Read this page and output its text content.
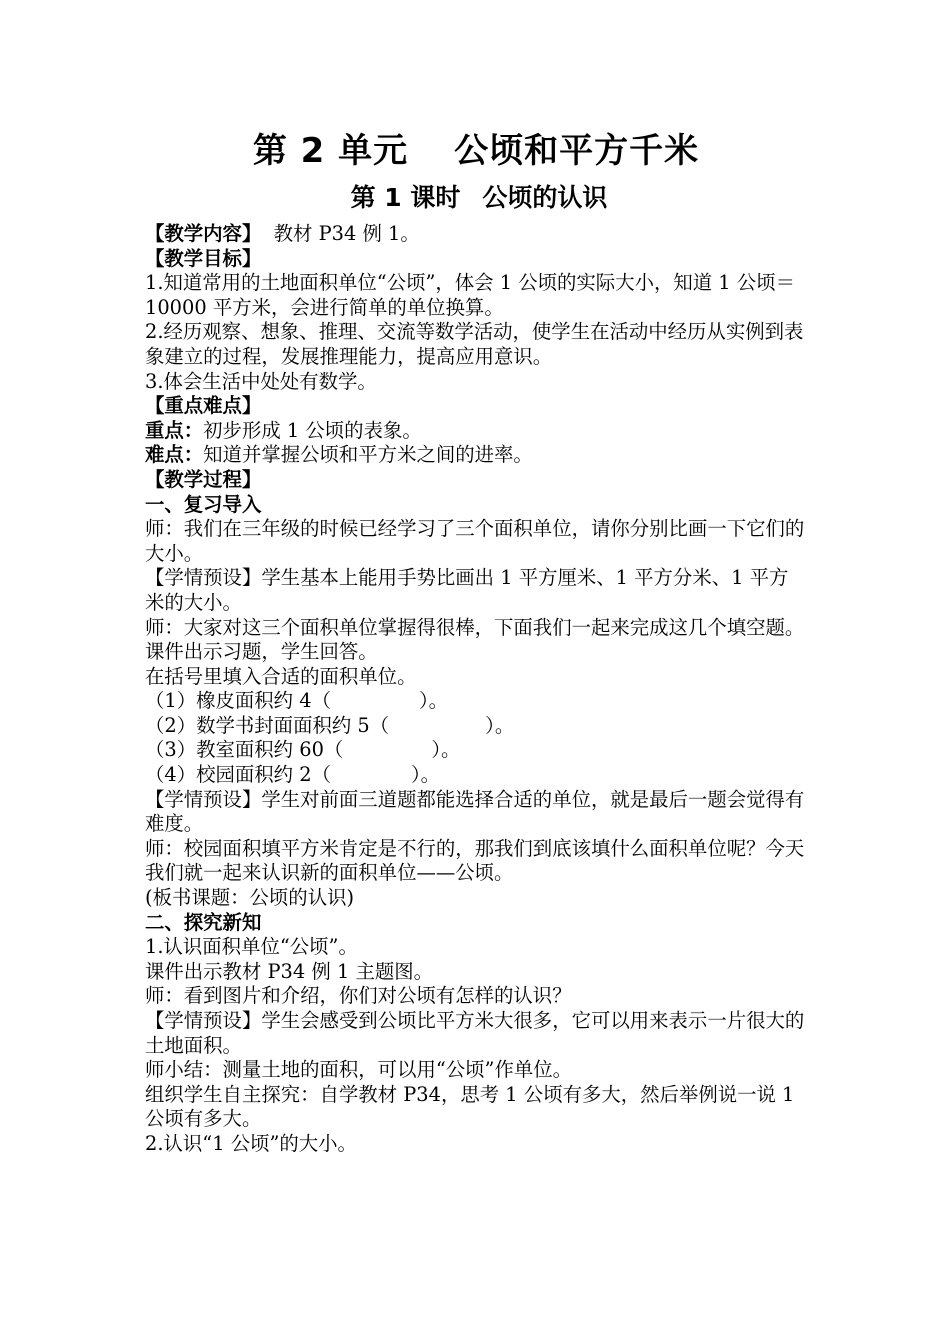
第 2 单元 公顷和平方千米
第 1 课时 公顷的认识

【教学内容】 教材 P34 例 1。

【教学目标】

1.知道常用的土地面积单位“公顷”，体会 1 公顷的实际大小，知道 1 公顷＝10000 平方米，会进行简单的单位换算。

2.经历观察、想象、推理、交流等数学活动，使学生在活动中经历从实例到表象建立的过程，发展推理能力，提高应用意识。

3.体会生活中处处有数学。

【重点难点】

重点：初步形成 1 公顷的表象。

难点：知道并掌握公顷和平方米之间的进率。

【教学过程】

一、复习导入

师：我们在三年级的时候已经学习了三个面积单位，请你分别比画一下它们的大小。

【学情预设】学生基本上能用手势比画出 1 平方厘米、1 平方分米、1 平方米的大小。

师：大家对这三个面积单位掌握得很棒，下面我们一起来完成这几个填空题。

课件出示习题，学生回答。

在括号里填入合适的面积单位。

（1）橡皮面积约 4（	）。

（2）数学书封面面积约 5（	）。

（3）教室面积约 60（	）。

（4）校园面积约 2（	）。

【学情预设】学生对前面三道题都能选择合适的单位，就是最后一题会觉得有难度。

师：校园面积填平方米肯定是不行的，那我们到底该填什么面积单位呢？今天我们就一起来认识新的面积单位——公顷。

(板书课题：公顷的认识)

二、探究新知

1.认识面积单位“公顷”。

课件出示教材 P34 例 1 主题图。

师：看到图片和介绍，你们对公顷有怎样的认识？

【学情预设】学生会感受到公顷比平方米大很多，它可以用来表示一片很大的土地面积。

师小结：测量土地的面积，可以用“公顷”作单位。

组织学生自主探究：自学教材 P34，思考 1 公顷有多大，然后举例说一说 1 公顷有多大。

2.认识“1 公顷”的大小。
